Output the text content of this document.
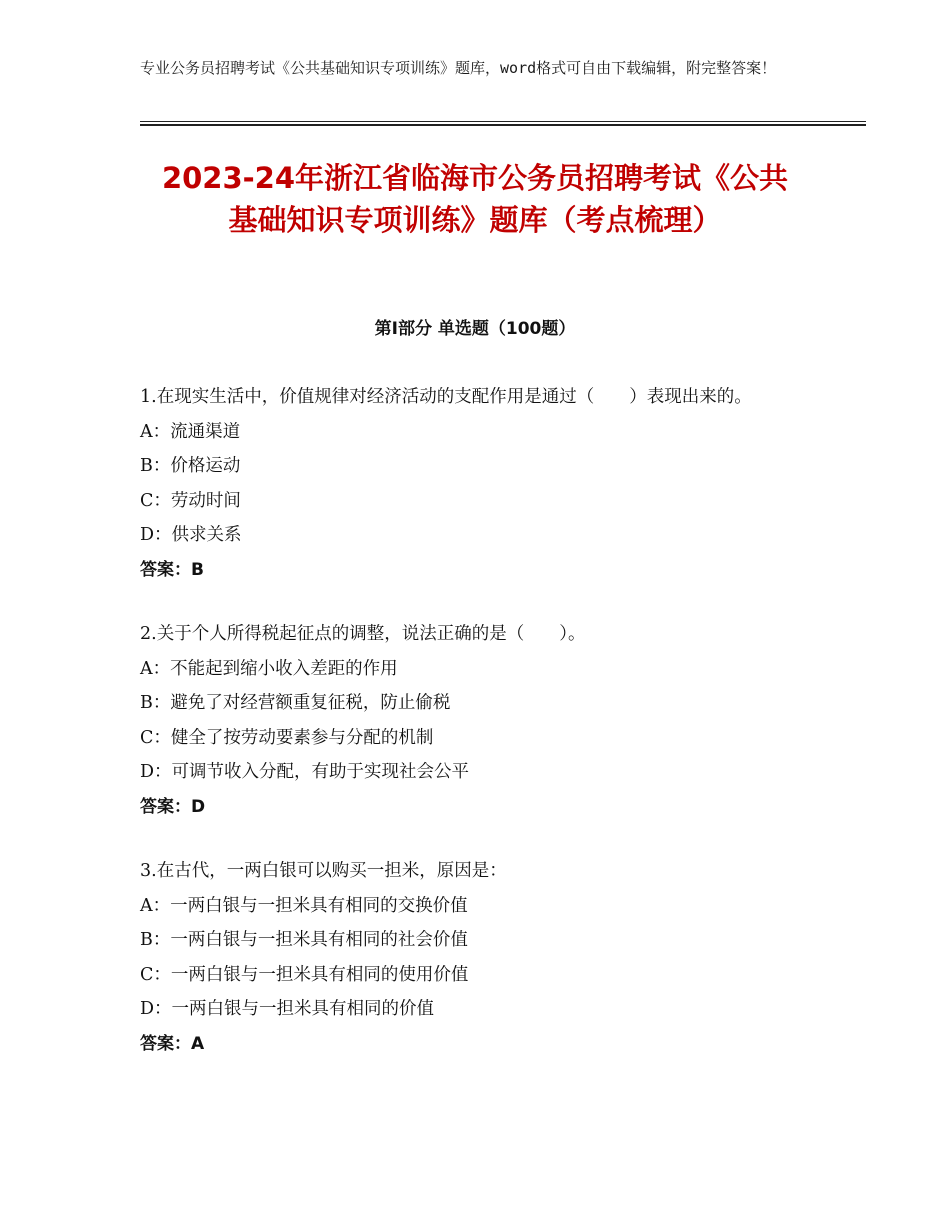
专业公务员招聘考试《公共基础知识专项训练》题库，word格式可自由下载编辑，附完整答案！
2023-24年浙江省临海市公务员招聘考试《公共基础知识专项训练》题库（考点梳理）
第Ⅰ部分 单选题（100题）

1.在现实生活中，价值规律对经济活动的支配作用是通过（　　）表现出来的。

A：流通渠道

B：价格运动

C：劳动时间

D：供求关系

答案：B

2.关于个人所得税起征点的调整，说法正确的是（　　）。

A：不能起到缩小收入差距的作用

B：避免了对经营额重复征税，防止偷税

C：健全了按劳动要素参与分配的机制

D：可调节收入分配，有助于实现社会公平

答案：D

3.在古代，一两白银可以购买一担米，原因是：

A：一两白银与一担米具有相同的交换价值

B：一两白银与一担米具有相同的社会价值

C：一两白银与一担米具有相同的使用价值

D：一两白银与一担米具有相同的价值

答案：A
